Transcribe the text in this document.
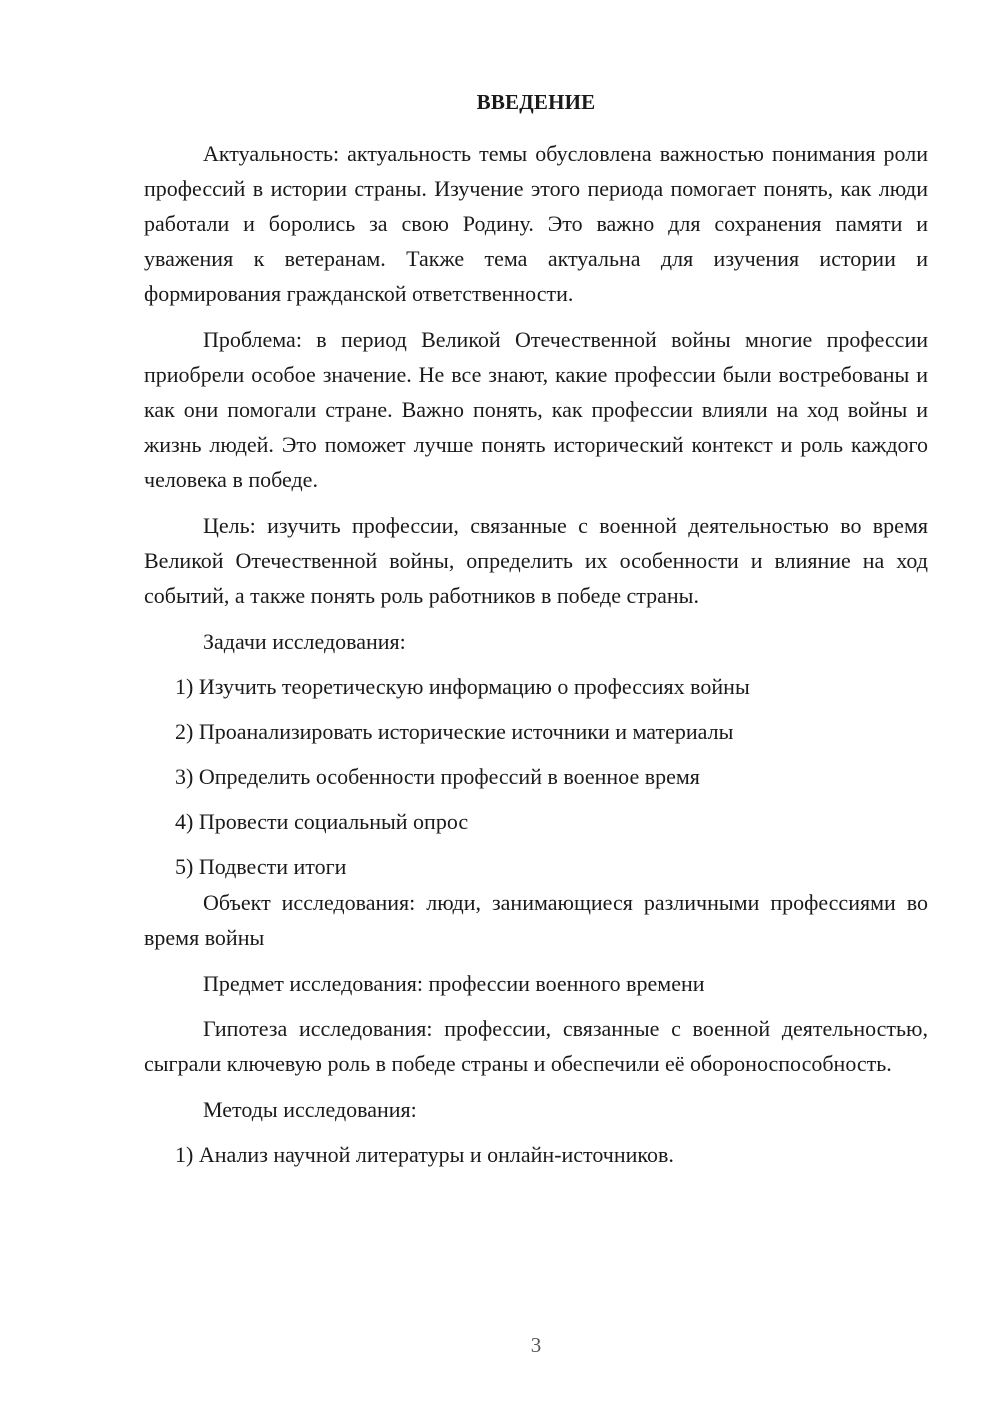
ВВЕДЕНИЕ

Актуальность: актуальность темы обусловлена важностью понимания роли профессий в истории страны. Изучение этого периода помогает понять, как люди работали и боролись за свою Родину. Это важно для сохранения памяти и уважения к ветеранам. Также тема актуальна для изучения истории и формирования гражданской ответственности.

Проблема: в период Великой Отечественной войны многие профессии приобрели особое значение. Не все знают, какие профессии были востребованы и как они помогали стране. Важно понять, как профессии влияли на ход войны и жизнь людей. Это поможет лучше понять исторический контекст и роль каждого человека в победе.

Цель: изучить профессии, связанные с военной деятельностью во время Великой Отечественной войны, определить их особенности и влияние на ход событий, а также понять роль работников в победе страны.

Задачи исследования:

1) Изучить теоретическую информацию о профессиях войны

2) Проанализировать исторические источники и материалы

3) Определить особенности профессий в военное время

4) Провести социальный опрос

5) Подвести итоги

Объект исследования: люди, занимающиеся различными профессиями во время войны

Предмет исследования: профессии военного времени

Гипотеза исследования: профессии, связанные с военной деятельностью, сыграли ключевую роль в победе страны и обеспечили её обороноспособность.

Методы исследования:

1) Анализ научной литературы и онлайн-источников.

3
